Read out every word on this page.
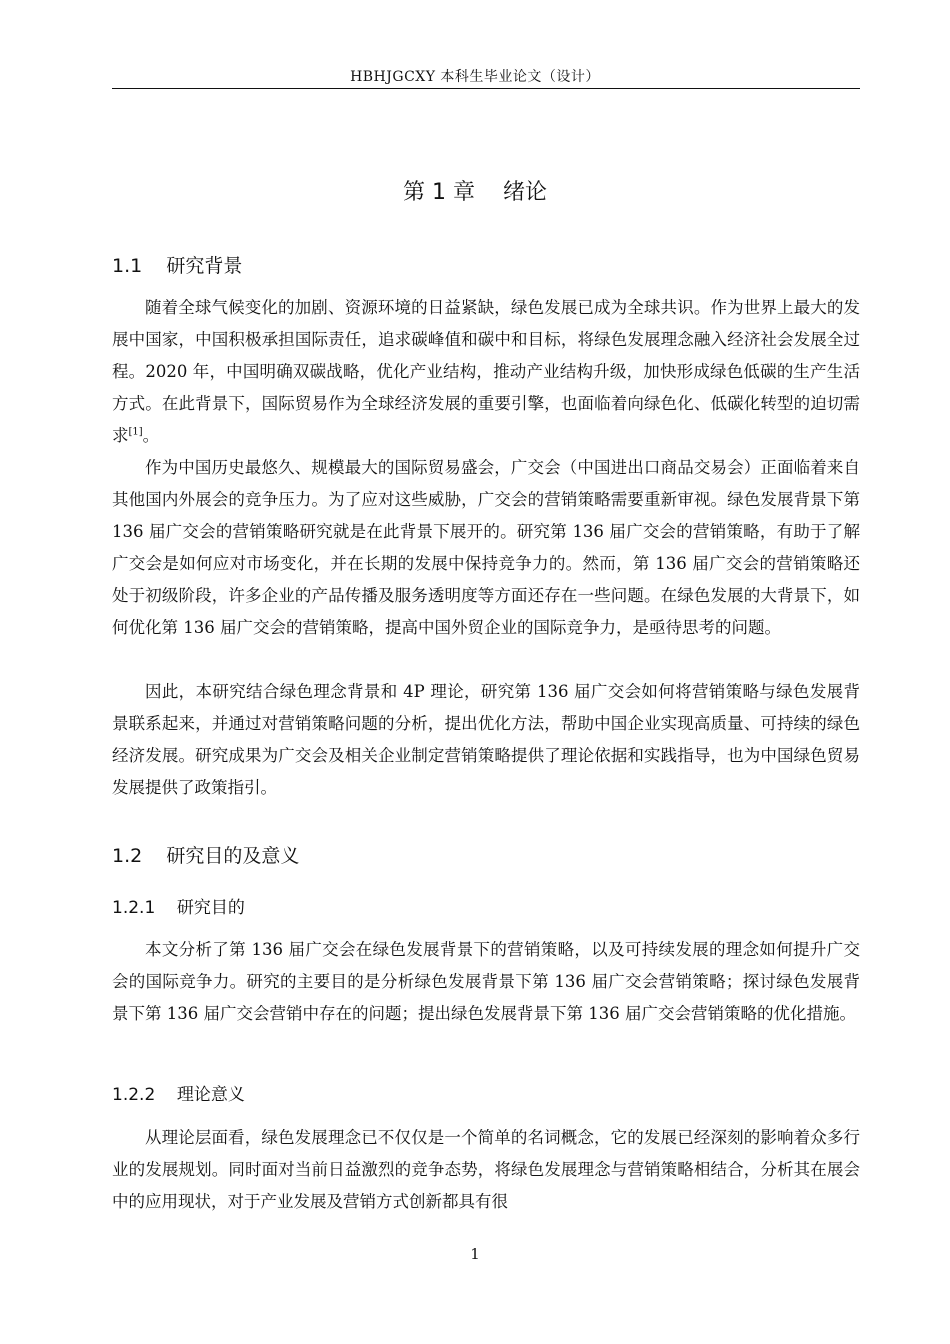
HBHJGCXY 本科生毕业论文（设计）
第 1 章    绪论
1.1    研究背景

随着全球气候变化的加剧、资源环境的日益紧缺，绿色发展已成为全球共识。作为世界上最大的发展中国家，中国积极承担国际责任，追求碳峰值和碳中和目标，将绿色发展理念融入经济社会发展全过程。2020 年，中国明确双碳战略，优化产业结构，推动产业结构升级，加快形成绿色低碳的生产生活方式。在此背景下，国际贸易作为全球经济发展的重要引擎，也面临着向绿色化、低碳化转型的迫切需求[1]。

作为中国历史最悠久、规模最大的国际贸易盛会，广交会（中国进出口商品交易会）正面临着来自其他国内外展会的竞争压力。为了应对这些威胁，广交会的营销策略需要重新审视。绿色发展背景下第 136 届广交会的营销策略研究就是在此背景下展开的。研究第 136 届广交会的营销策略，有助于了解广交会是如何应对市场变化，并在长期的发展中保持竞争力的。然而，第 136 届广交会的营销策略还处于初级阶段，许多企业的产品传播及服务透明度等方面还存在一些问题。在绿色发展的大背景下，如何优化第 136 届广交会的营销策略，提高中国外贸企业的国际竞争力，是亟待思考的问题。

因此，本研究结合绿色理念背景和 4P 理论，研究第 136 届广交会如何将营销策略与绿色发展背景联系起来，并通过对营销策略问题的分析，提出优化方法，帮助中国企业实现高质量、可持续的绿色经济发展。研究成果为广交会及相关企业制定营销策略提供了理论依据和实践指导，也为中国绿色贸易发展提供了政策指引。

1.2    研究目的及意义
1.2.1    研究目的

本文分析了第 136 届广交会在绿色发展背景下的营销策略，以及可持续发展的理念如何提升广交会的国际竞争力。研究的主要目的是分析绿色发展背景下第 136 届广交会营销策略；探讨绿色发展背景下第 136 届广交会营销中存在的问题；提出绿色发展背景下第 136 届广交会营销策略的优化措施。

1.2.2    理论意义

从理论层面看，绿色发展理念已不仅仅是一个简单的名词概念，它的发展已经深刻的影响着众多行业的发展规划。同时面对当前日益激烈的竞争态势，将绿色发展理念与营销策略相结合，分析其在展会中的应用现状，对于产业发展及营销方式创新都具有很

1
